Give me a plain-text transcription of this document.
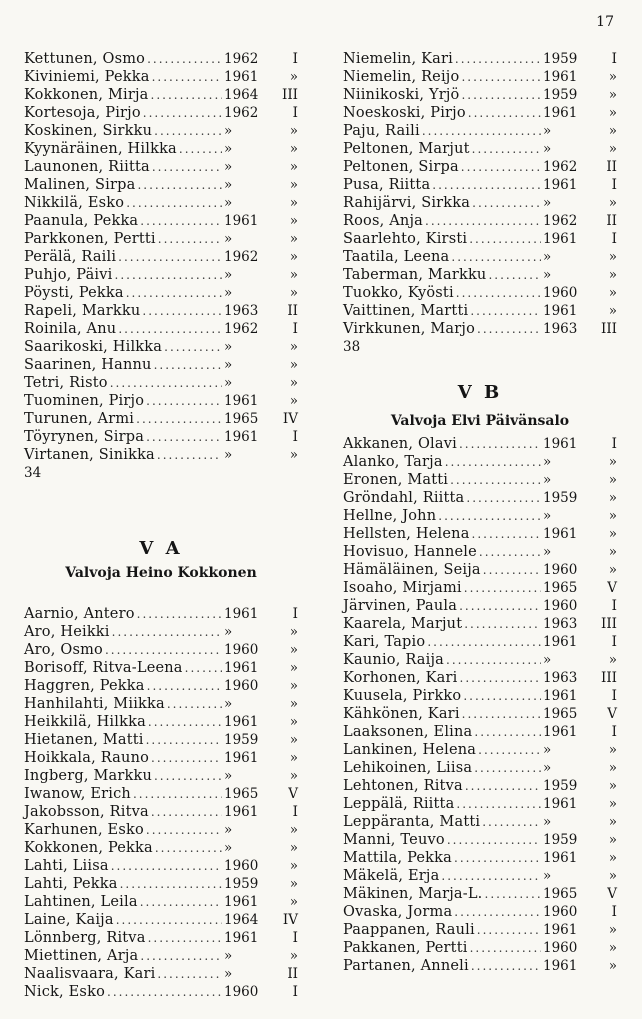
17
Kettunen, Osmo .....	1962	I
Kiviniemi, Pekka .....	1961	»
Kokkonen, Mirja .....	1964	III
Kortesoja, Pirjo .....	1962	I
Koskinen, Sirkku .....	»	»
Kyynäräinen, Hilkka .....	»	»
Launonen, Riitta .....	»	»
Malinen, Sirpa .....	»	»
Nikkilä, Esko .....	»	»
Paanula, Pekka .....	1961	»
Parkkonen, Pertti .....	»	»
Perälä, Raili .....	1962	»
Puhjo, Päivi .....	»	»
Pöysti, Pekka .....	»	»
Rapeli, Markku .....	1963	II
Roinila, Anu .....	1962	I
Saarikoski, Hilkka .....	»	»
Saarinen, Hannu .....	»	»
Tetri, Risto .....	»	»
Tuominen, Pirjo .....	1961	»
Turunen, Armi .....	1965	IV
Töyrynen, Sirpa .....	1961	I
Virtanen, Sinikka .....	»	»
34
V A
Valvoja Heino Kokkonen
Aarnio, Antero .....	1961	I
Aro, Heikki .....	»	»
Aro, Osmo .....	1960	»
Borisoff, Ritva-Leena .....	1961	»
Haggren, Pekka .....	1960	»
Hanhilahti, Miikka .....	»	»
Heikkilä, Hilkka .....	1961	»
Hietanen, Matti .....	1959	»
Hoikkala, Rauno .....	1961	»
Ingberg, Markku .....	»	»
Iwanow, Erich .....	1965	V
Jakobsson, Ritva .....	1961	I
Karhunen, Esko .....	»	»
Kokkonen, Pekka .....	»	»
Lahti, Liisa .....	1960	»
Lahti, Pekka .....	1959	»
Lahtinen, Leila .....	1961	»
Laine, Kaija .....	1964	IV
Lönnberg, Ritva .....	1961	I
Miettinen, Arja .....	»	»
Naalisvaara, Kari .....	»	II
Nick, Esko .....	1960	I
Niemelin, Kari .....	1959	I
Niemelin, Reijo .....	1961	»
Niinikoski, Yrjö .....	1959	»
Noeskoski, Pirjo .....	1961	»
Paju, Raili .....	»	»
Peltonen, Marjut .....	»	»
Peltonen, Sirpa .....	1962	II
Pusa, Riitta .....	1961	I
Rahijärvi, Sirkka .....	»	»
Roos, Anja .....	1962	II
Saarlehto, Kirsti .....	1961	I
Taatila, Leena .....	»	»
Taberman, Markku .....	»	»
Tuokko, Kyösti .....	1960	»
Vaittinen, Martti .....	1961	»
Virkkunen, Marjo .....	1963	III
38
V B
Valvoja Elvi Päivänsalo
Akkanen, Olavi .....	1961	I
Alanko, Tarja .....	»	»
Eronen, Matti .....	»	»
Gröndahl, Riitta .....	1959	»
Hellne, John .....	»	»
Hellsten, Helena .....	1961	»
Hovisuo, Hannele .....	»	»
Hämäläinen, Seija .....	1960	»
Isoaho, Mirjami .....	1965	V
Järvinen, Paula .....	1960	I
Kaarela, Marjut .....	1963	III
Kari, Tapio .....	1961	I
Kaunio, Raija .....	»	»
Korhonen, Kari .....	1963	III
Kuusela, Pirkko .....	1961	I
Kähkönen, Kari .....	1965	V
Laaksonen, Elina .....	1961	I
Lankinen, Helena .....	»	»
Lehikoinen, Liisa .....	»	»
Lehtonen, Ritva .....	1959	»
Leppälä, Riitta .....	1961	»
Leppäranta, Matti .....	»	»
Manni, Teuvo .....	1959	»
Mattila, Pekka .....	1961	»
Mäkelä, Erja .....	»	»
Mäkinen, Marja-L. .....	1965	V
Ovaska, Jorma .....	1960	I
Paappanen, Rauli .....	1961	»
Pakkanen, Pertti .....	1960	»
Partanen, Anneli .....	1961	»
